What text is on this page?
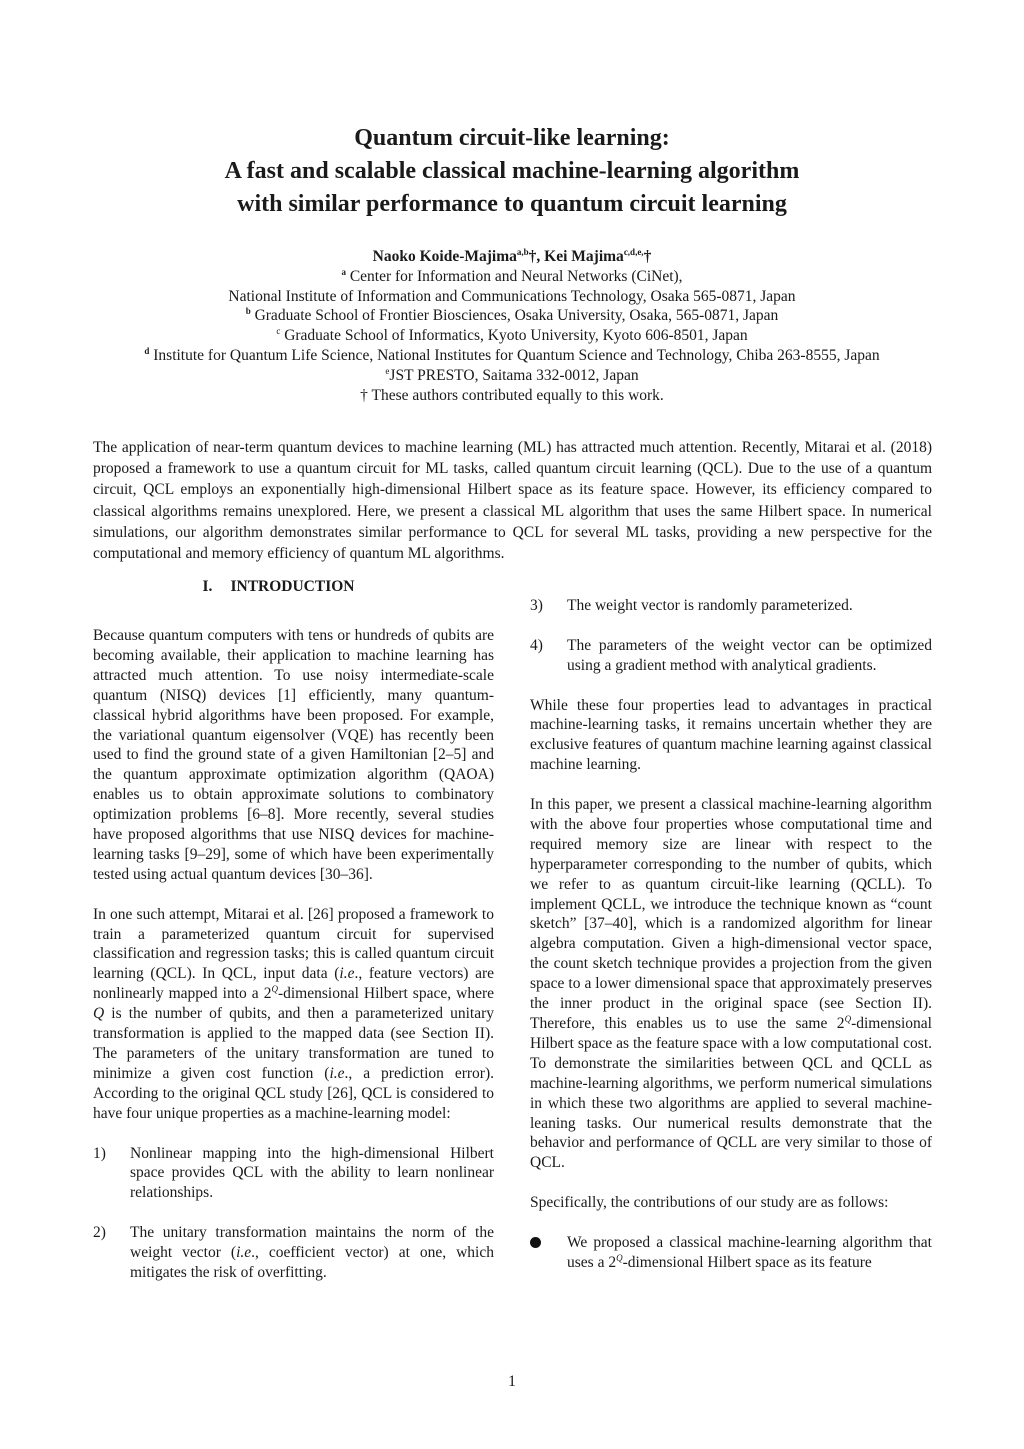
Quantum circuit-like learning:
A fast and scalable classical machine-learning algorithm
with similar performance to quantum circuit learning
Naoko Koide-Majima$^{a,b}$†, Kei Majima$^{c,d,e,}$†
$^a$ Center for Information and Neural Networks (CiNet),
National Institute of Information and Communications Technology, Osaka 565-0871, Japan
$^b$ Graduate School of Frontier Biosciences, Osaka University, Osaka, 565-0871, Japan
$^c$ Graduate School of Informatics, Kyoto University, Kyoto 606-8501, Japan
$^d$ Institute for Quantum Life Science, National Institutes for Quantum Science and Technology, Chiba 263-8555, Japan
$^e$JST PRESTO, Saitama 332-0012, Japan
† These authors contributed equally to this work.
The application of near-term quantum devices to machine learning (ML) has attracted much attention. Recently, Mitarai et al. (2018) proposed a framework to use a quantum circuit for ML tasks, called quantum circuit learning (QCL). Due to the use of a quantum circuit, QCL employs an exponentially high-dimensional Hilbert space as its feature space. However, its efficiency compared to classical algorithms remains unexplored. Here, we present a classical ML algorithm that uses the same Hilbert space. In numerical simulations, our algorithm demonstrates similar performance to QCL for several ML tasks, providing a new perspective for the computational and memory efficiency of quantum ML algorithms.
I. INTRODUCTION

Because quantum computers with tens or hundreds of qubits are becoming available, their application to machine learning has attracted much attention. To use noisy intermediate-scale quantum (NISQ) devices [1] efficiently, many quantum-classical hybrid algorithms have been proposed. For example, the variational quantum eigensolver (VQE) has recently been used to find the ground state of a given Hamiltonian [2–5] and the quantum approximate optimization algorithm (QAOA) enables us to obtain approximate solutions to combinatory optimization problems [6–8]. More recently, several studies have proposed algorithms that use NISQ devices for machine-learning tasks [9–29], some of which have been experimentally tested using actual quantum devices [30–36].

In one such attempt, Mitarai et al. [26] proposed a framework to train a parameterized quantum circuit for supervised classification and regression tasks; this is called quantum circuit learning (QCL). In QCL, input data (i.e., feature vectors) are nonlinearly mapped into a $2^Q$-dimensional Hilbert space, where Q is the number of qubits, and then a parameterized unitary transformation is applied to the mapped data (see Section II). The parameters of the unitary transformation are tuned to minimize a given cost function (i.e., a prediction error). According to the original QCL study [26], QCL is considered to have four unique properties as a machine-learning model:

1)	Nonlinear mapping into the high-dimensional Hilbert space provides QCL with the ability to learn nonlinear relationships.
2)	The unitary transformation maintains the norm of the weight vector (i.e., coefficient vector) at one, which mitigates the risk of overfitting.
3)	The weight vector is randomly parameterized.
4)	The parameters of the weight vector can be optimized using a gradient method with analytical gradients.

While these four properties lead to advantages in practical machine-learning tasks, it remains uncertain whether they are exclusive features of quantum machine learning against classical machine learning.

In this paper, we present a classical machine-learning algorithm with the above four properties whose computational time and required memory size are linear with respect to the hyperparameter corresponding to the number of qubits, which we refer to as quantum circuit-like learning (QCLL). To implement QCLL, we introduce the technique known as “count sketch” [37–40], which is a randomized algorithm for linear algebra computation. Given a high-dimensional vector space, the count sketch technique provides a projection from the given space to a lower dimensional space that approximately preserves the inner product in the original space (see Section II). Therefore, this enables us to use the same $2^Q$-dimensional Hilbert space as the feature space with a low computational cost. To demonstrate the similarities between QCL and QCLL as machine-learning algorithms, we perform numerical simulations in which these two algorithms are applied to several machine-leaning tasks. Our numerical results demonstrate that the behavior and performance of QCLL are very similar to those of QCL.

Specifically, the contributions of our study are as follows:

We proposed a classical machine-learning algorithm that uses a $2^Q$-dimensional Hilbert space as its feature
1
